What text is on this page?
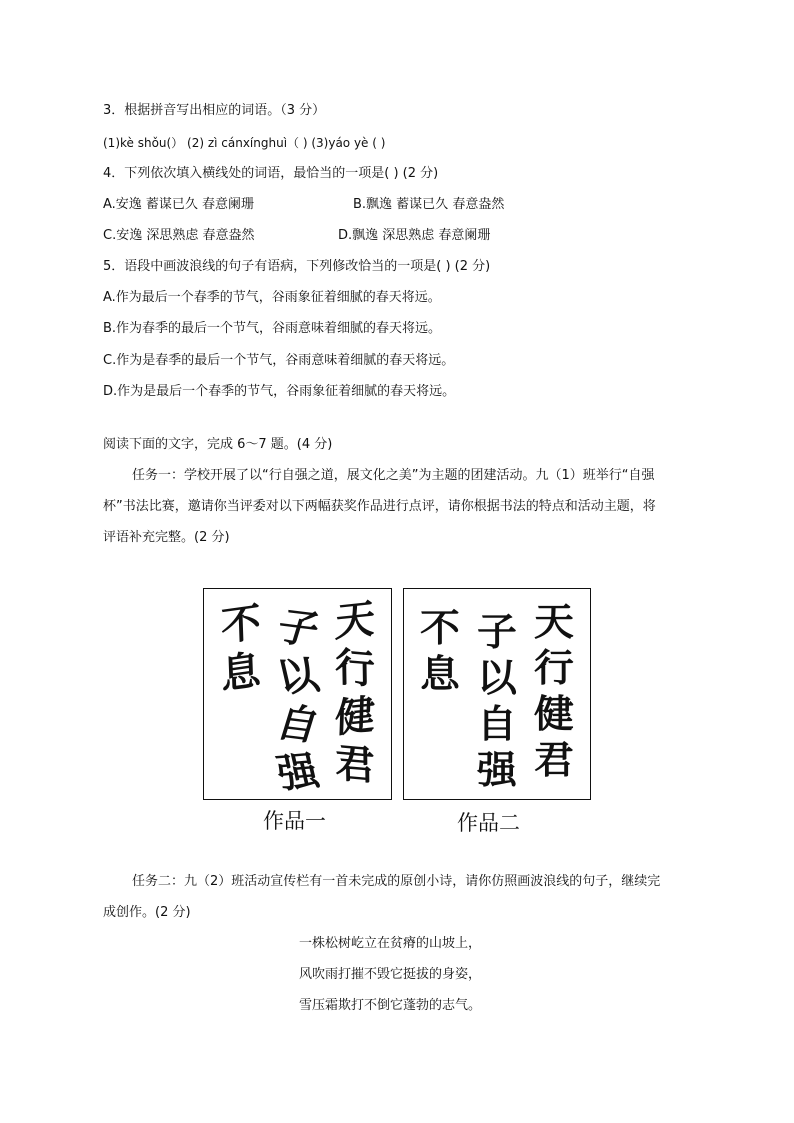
3．根据拼音写出相应的词语。（3 分）
(1)kè shǒu(） (2) zì cánxínghuì（ ) (3)yáo yè ( )
4．下列依次填入横线处的词语，最恰当的一项是( ) (2 分)
A.安逸 蓄谋已久 春意阑珊	B.飘逸 蓄谋已久 春意盎然
C.安逸 深思熟虑 春意盎然	D.飘逸 深思熟虑 春意阑珊
5．语段中画波浪线的句子有语病，下列修改恰当的一项是( ) (2 分)
A.作为最后一个春季的节气，谷雨象征着细腻的春天将远。
B.作为春季的最后一个节气，谷雨意味着细腻的春天将远。
C.作为是春季的最后一个节气，谷雨意味着细腻的春天将远。
D.作为是最后一个春季的节气，谷雨象征着细腻的春天将远。
阅读下面的文字，完成 6～7 题。(4 分)
任务一：学校开展了以“行自强之道，展文化之美”为主题的团建活动。九（1）班举行“自强
杯”书法比赛，邀请你当评委对以下两幅获奖作品进行点评，请你根据书法的特点和活动主题，将
评语补充完整。(2 分)
天
行
健
君
子
以
自
强
不
息
天
行
健
君
子
以
自
强
不
息
作品一	作品二
任务二：九（2）班活动宣传栏有一首未完成的原创小诗，请你仿照画波浪线的句子，继续完
成创作。(2 分)
一株松树屹立在贫瘠的山坡上，
风吹雨打摧不毁它挺拔的身姿，
雪压霜欺打不倒它蓬勃的志气。
